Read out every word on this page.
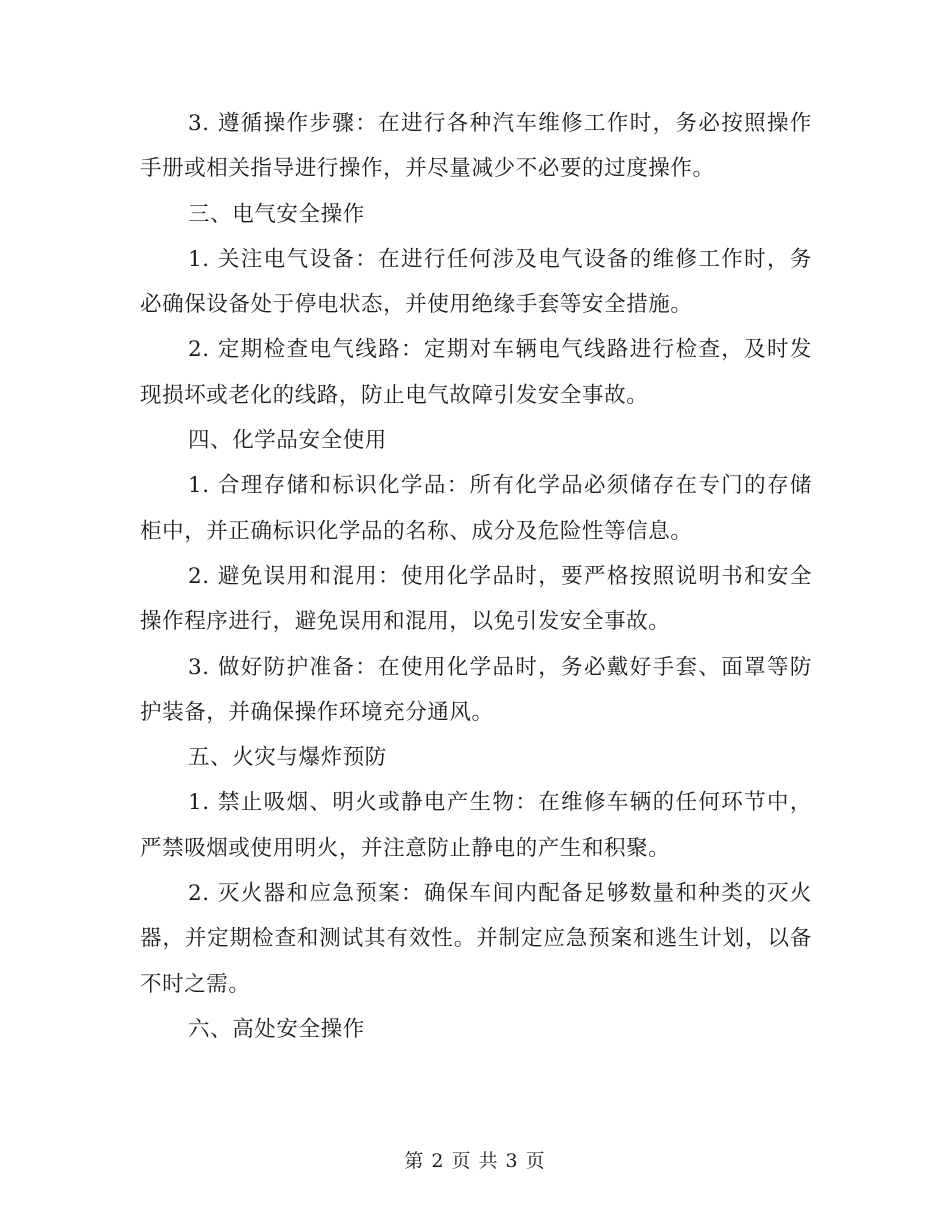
3. 遵循操作步骤：在进行各种汽车维修工作时，务必按照操作手册或相关指导进行操作，并尽量减少不必要的过度操作。

三、电气安全操作

1. 关注电气设备：在进行任何涉及电气设备的维修工作时，务必确保设备处于停电状态，并使用绝缘手套等安全措施。

2. 定期检查电气线路：定期对车辆电气线路进行检查，及时发现损坏或老化的线路，防止电气故障引发安全事故。

四、化学品安全使用

1. 合理存储和标识化学品：所有化学品必须储存在专门的存储柜中，并正确标识化学品的名称、成分及危险性等信息。

2. 避免误用和混用：使用化学品时，要严格按照说明书和安全操作程序进行，避免误用和混用，以免引发安全事故。

3. 做好防护准备：在使用化学品时，务必戴好手套、面罩等防护装备，并确保操作环境充分通风。

五、火灾与爆炸预防

1. 禁止吸烟、明火或静电产生物：在维修车辆的任何环节中，严禁吸烟或使用明火，并注意防止静电的产生和积聚。

2. 灭火器和应急预案：确保车间内配备足够数量和种类的灭火器，并定期检查和测试其有效性。并制定应急预案和逃生计划，以备不时之需。

六、高处安全操作

第 2 页 共 3 页
